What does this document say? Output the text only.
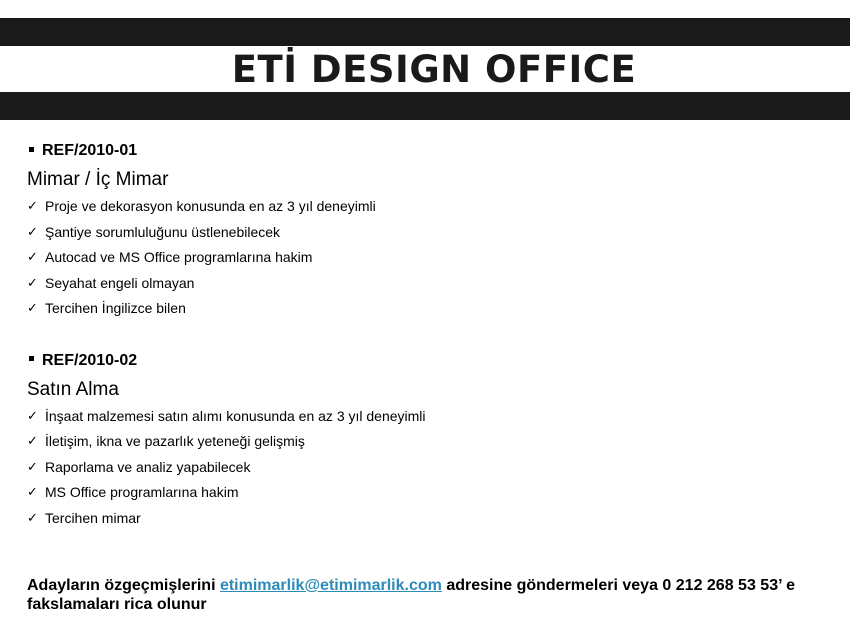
ETİ DESIGN OFFICE
REF/2010-01
Mimar / İç Mimar
✓ Proje ve dekorasyon konusunda en az 3 yıl deneyimli
✓ Şantiye sorumluluğunu üstlenebilecek
✓ Autocad ve MS Office programlarına hakim
✓ Seyahat engeli olmayan
✓ Tercihen İngilizce bilen
REF/2010-02
Satın Alma
✓ İnşaat malzemesi satın alımı konusunda en az 3 yıl deneyimli
✓ İletişim, ikna ve pazarlık yeteneği gelişmiş
✓ Raporlama ve analiz yapabilecek
✓ MS Office programlarına hakim
✓ Tercihen mimar
Adayların özgeçmişlerini etimimarlik@etimimarlik.com adresine göndermeleri veya 0 212 268 53 53’ e fakslamaları rica olunur
